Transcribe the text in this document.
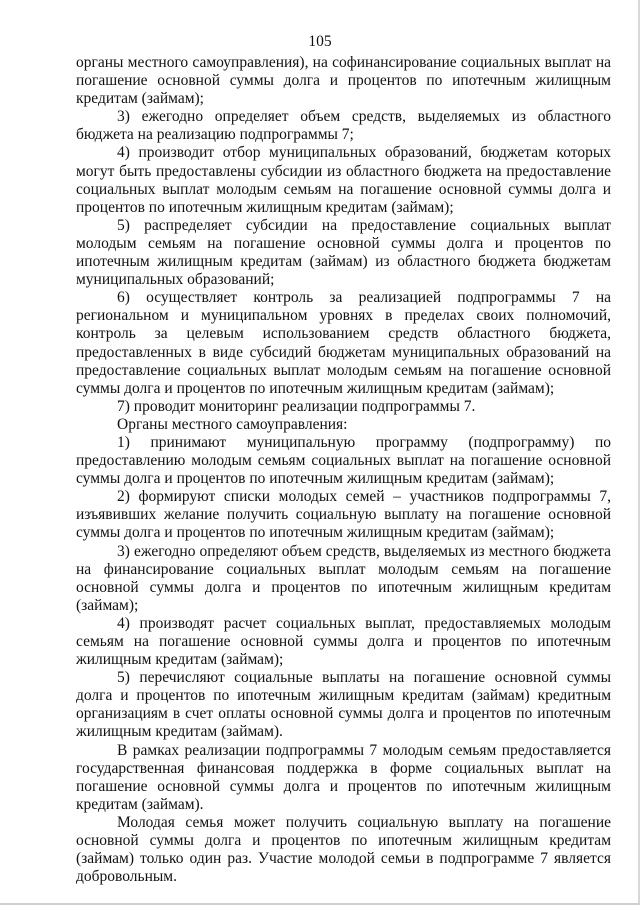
105

органы местного самоуправления), на софинансирование социальных выплат на погашение основной суммы долга и процентов по ипотечным жилищным кредитам (займам);

3) ежегодно определяет объем средств, выделяемых из областного бюджета на реализацию подпрограммы 7;

4) производит отбор муниципальных образований, бюджетам которых могут быть предоставлены субсидии из областного бюджета на предоставление социальных выплат молодым семьям на погашение основной суммы долга и процентов по ипотечным жилищным кредитам (займам);

5) распределяет субсидии на предоставление социальных выплат молодым семьям на погашение основной суммы долга и процентов по ипотечным жилищным кредитам (займам) из областного бюджета бюджетам муниципальных образований;

6) осуществляет контроль за реализацией подпрограммы 7 на региональном и муниципальном уровнях в пределах своих полномочий, контроль за целевым использованием средств областного бюджета, предоставленных в виде субсидий бюджетам муниципальных образований на предоставление социальных выплат молодым семьям на погашение основной суммы долга и процентов по ипотечным жилищным кредитам (займам);

7) проводит мониторинг реализации подпрограммы 7.

Органы местного самоуправления:

1) принимают муниципальную программу (подпрограмму) по предоставлению молодым семьям социальных выплат на погашение основной суммы долга и процентов по ипотечным жилищным кредитам (займам);

2) формируют списки молодых семей – участников подпрограммы 7, изъявивших желание получить социальную выплату на погашение основной суммы долга и процентов по ипотечным жилищным кредитам (займам);

3) ежегодно определяют объем средств, выделяемых из местного бюджета на финансирование социальных выплат молодым семьям на погашение основной суммы долга и процентов по ипотечным жилищным кредитам (займам);

4) производят расчет социальных выплат, предоставляемых молодым семьям на погашение основной суммы долга и процентов по ипотечным жилищным кредитам (займам);

5) перечисляют социальные выплаты на погашение основной суммы долга и процентов по ипотечным жилищным кредитам (займам) кредитным организациям в счет оплаты основной суммы долга и процентов по ипотечным жилищным кредитам (займам).

В рамках реализации подпрограммы 7 молодым семьям предоставляется государственная финансовая поддержка в форме социальных выплат на погашение основной суммы долга и процентов по ипотечным жилищным кредитам (займам).

Молодая семья может получить социальную выплату на погашение основной суммы долга и процентов по ипотечным жилищным кредитам (займам) только один раз. Участие молодой семьи в подпрограмме 7 является добровольным.
